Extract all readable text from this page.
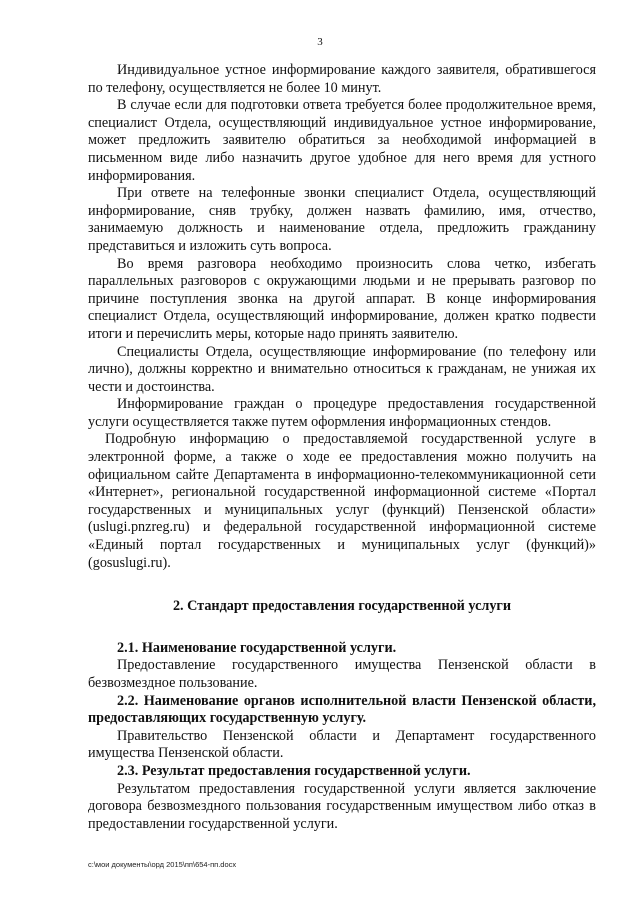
3

Индивидуальное устное информирование каждого заявителя, обратившегося по телефону, осуществляется не более 10 минут.

В случае если для подготовки ответа требуется более продолжительное время, специалист Отдела, осуществляющий индивидуальное устное информирование, может предложить заявителю обратиться за необходимой информацией в письменном виде либо назначить другое удобное для него время для устного информирования.

При ответе на телефонные звонки специалист Отдела, осуществляющий информирование, сняв трубку, должен назвать фамилию, имя, отчество, занимаемую должность и наименование отдела, предложить гражданину представиться и изложить суть вопроса.

Во время разговора необходимо произносить слова четко, избегать параллельных разговоров с окружающими людьми и не прерывать разговор по причине поступления звонка на другой аппарат. В конце информирования специалист Отдела, осуществляющий информирование, должен кратко подвести итоги и перечислить меры, которые надо принять заявителю.

Специалисты Отдела, осуществляющие информирование (по телефону или лично), должны корректно и внимательно относиться к гражданам, не унижая их чести и достоинства.

Информирование граждан о процедуре предоставления государственной услуги осуществляется также путем оформления информационных стендов.

Подробную информацию о предоставляемой государственной услуге в электронной форме, а также о ходе ее предоставления можно получить на официальном сайте Департамента в информационно-телекоммуникационной сети «Интернет», региональной государственной информационной системе «Портал государственных и муниципальных услуг (функций) Пензенской области» (uslugi.pnzreg.ru) и федеральной государственной информационной системе «Единый портал государственных и муниципальных услуг (функций)» (gosuslugi.ru).

2. Стандарт предоставления государственной услуги

2.1. Наименование государственной услуги.

Предоставление государственного имущества Пензенской области в безвозмездное пользование.

2.2. Наименование органов исполнительной власти Пензенской области, предоставляющих государственную услугу.

Правительство Пензенской области и Департамент государственного имущества Пензенской области.

2.3. Результат предоставления государственной услуги.

Результатом предоставления государственной услуги является заключение договора безвозмездного пользования государственным имуществом либо отказ в предоставлении государственной услуги.

c:\мои документы\орд 2015\пп\654-пп.docx
